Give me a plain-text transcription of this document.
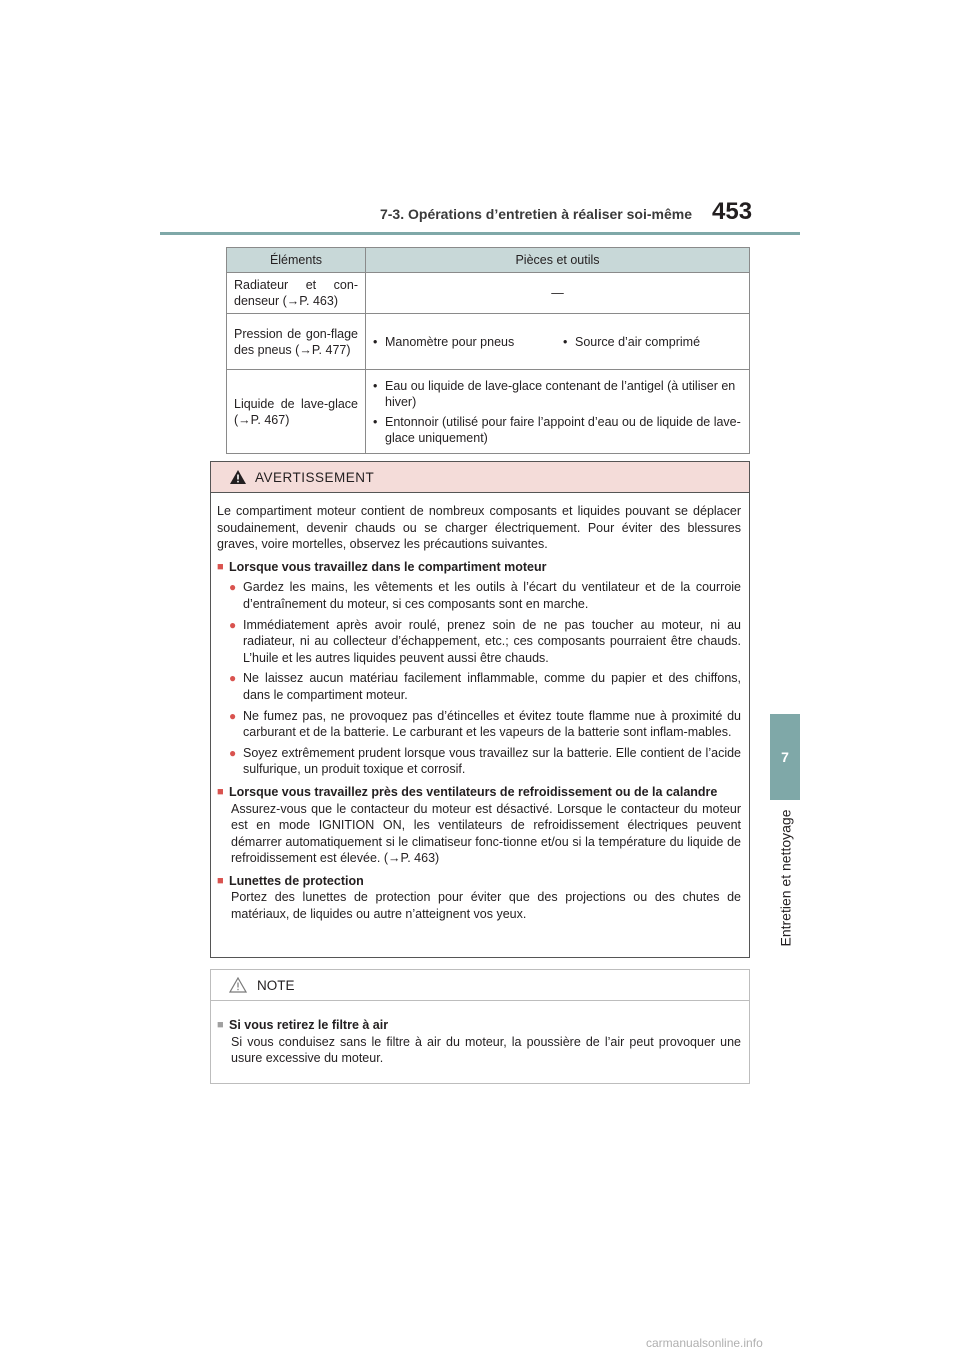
7-3. Opérations d’entretien à réaliser soi-même 453
7
Entretien et nettoyage
Éléments	Pièces et outils
Radiateur et con-denseur (→P. 463)	—

Pression de gon-flage des pneus (→P. 477)	• Manomètre pour pneus • Source d’air comprimé

Liquide de lave-glace (→P. 467)	• Eau ou liquide de lave-glace contenant de l’antigel (à utiliser en hiver)
• Entonnoir (utilisé pour faire l’appoint d’eau ou de liquide de lave-glace uniquement)
AVERTISSEMENT

Le compartiment moteur contient de nombreux composants et liquides pouvant se déplacer soudainement, devenir chauds ou se charger électriquement. Pour éviter des blessures graves, voire mortelles, observez les précautions suivantes.

■ Lorsque vous travaillez dans le compartiment moteur
● Gardez les mains, les vêtements et les outils à l’écart du ventilateur et de la courroie d’entraînement du moteur, si ces composants sont en marche.
● Immédiatement après avoir roulé, prenez soin de ne pas toucher au moteur, ni au radiateur, ni au collecteur d’échappement, etc.; ces composants pourraient être chauds. L’huile et les autres liquides peuvent aussi être chauds.
● Ne laissez aucun matériau facilement inflammable, comme du papier et des chiffons, dans le compartiment moteur.
● Ne fumez pas, ne provoquez pas d’étincelles et évitez toute flamme nue à proximité du carburant et de la batterie. Le carburant et les vapeurs de la batterie sont inflam-mables.
● Soyez extrêmement prudent lorsque vous travaillez sur la batterie. Elle contient de l’acide sulfurique, un produit toxique et corrosif.
■ Lorsque vous travaillez près des ventilateurs de refroidissement ou de la calandre

Assurez-vous que le contacteur du moteur est désactivé. Lorsque le contacteur du moteur est en mode IGNITION ON, les ventilateurs de refroidissement électriques peuvent démarrer automatiquement si le climatiseur fonc-tionne et/ou si la température du liquide de refroidissement est élevée. (→P. 463)

■ Lunettes de protection

Portez des lunettes de protection pour éviter que des projections ou des chutes de matériaux, de liquides ou autre n’atteignent vos yeux.

NOTE
■ Si vous retirez le filtre à air

Si vous conduisez sans le filtre à air du moteur, la poussière de l’air peut provoquer une usure excessive du moteur.

carmanualsonline.info
